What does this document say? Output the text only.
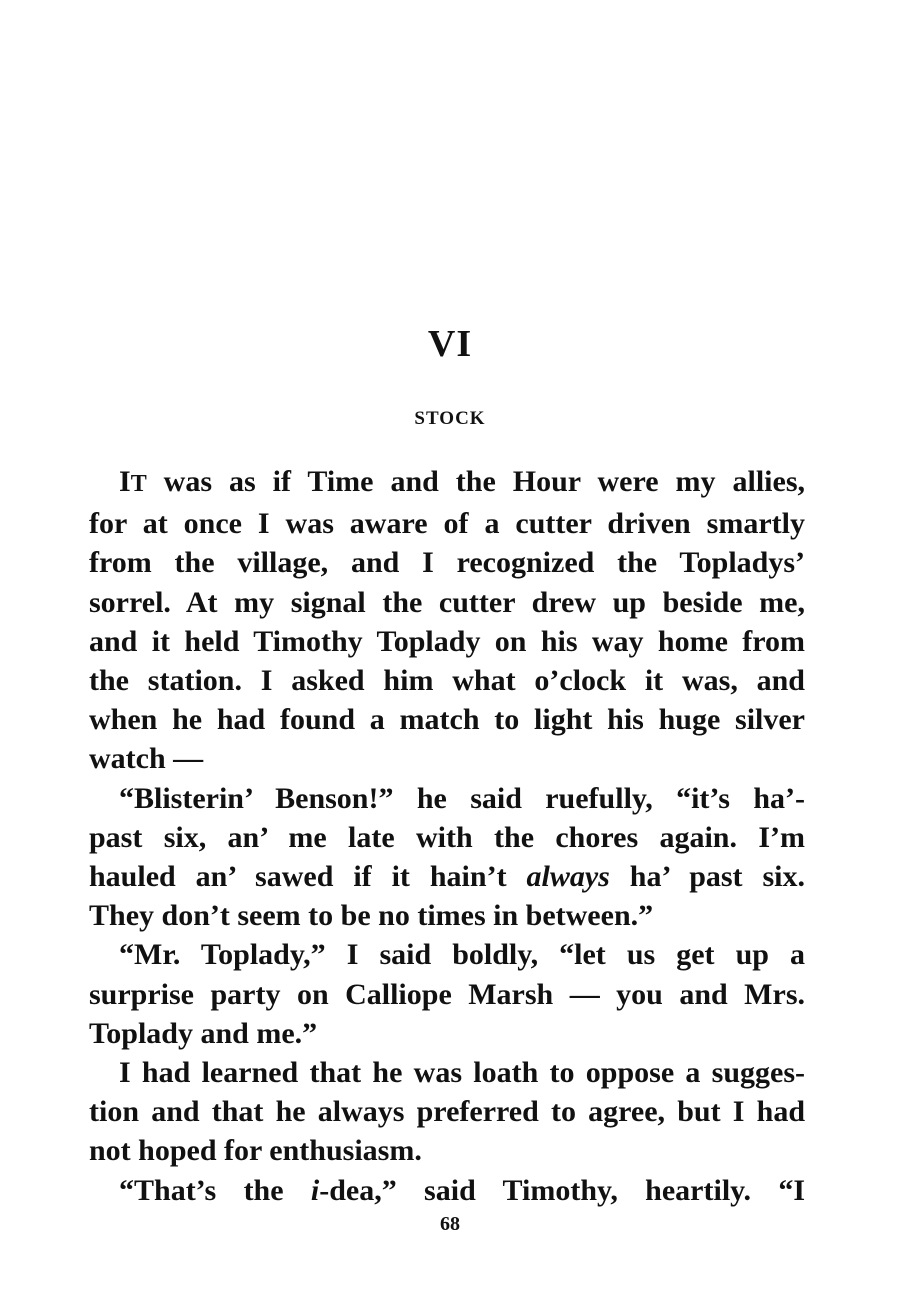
VI
STOCK
IT was as if Time and the Hour were my allies,
for at once I was aware of a cutter driven smartly
from the village, and I recognized the Topladys’
sorrel. At my signal the cutter drew up beside me,
and it held Timothy Toplady on his way home from
the station. I asked him what o’clock it was, and
when he had found a match to light his huge silver
watch —
“Blisterin’ Benson!” he said ruefully, “it’s ha’-
past six, an’ me late with the chores again. I’m
hauled an’ sawed if it hain’t always ha’ past six.
They don’t seem to be no times in between.”
“Mr. Toplady,” I said boldly, “let us get up a
surprise party on Calliope Marsh — you and Mrs.
Toplady and me.”
I had learned that he was loath to oppose a sugges-
tion and that he always preferred to agree, but I had
not hoped for enthusiasm.
“That’s the i-dea,” said Timothy, heartily. “I
68
